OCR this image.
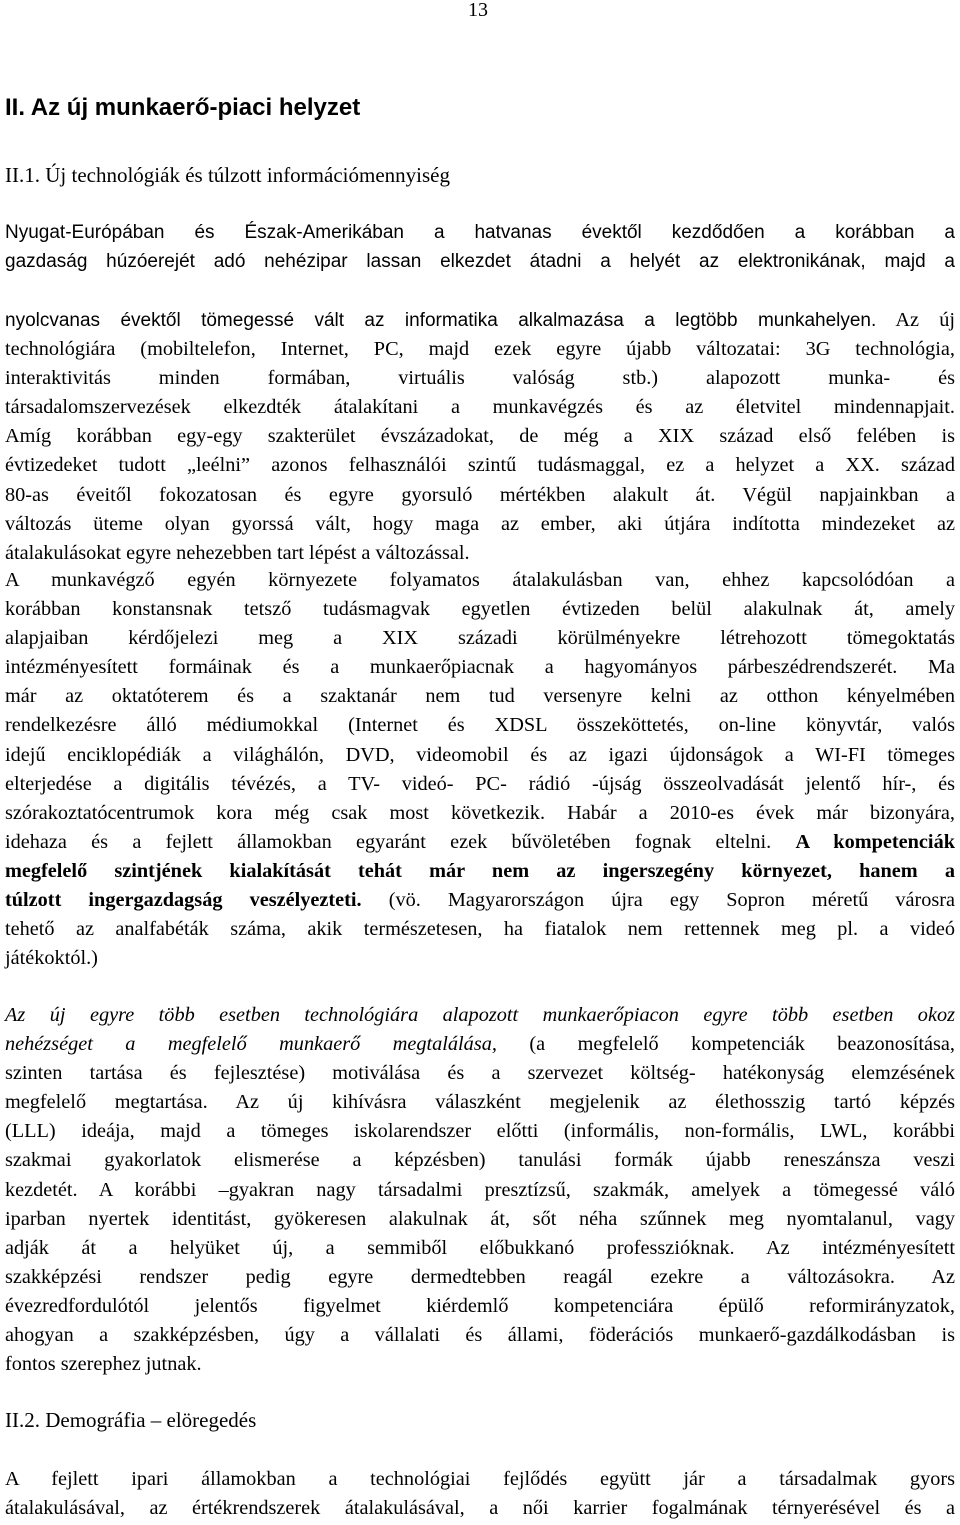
13
II. Az új munkaerő-piaci helyzet
II.1. Új technológiák és túlzott információmennyiség
Nyugat-Európában és Észak-Amerikában a hatvanas évektől kezdődően a korábban a
gazdaság húzóerejét adó nehézipar lassan elkezdet átadni a helyét az elektronikának, majd a
nyolcvanas évektől tömegessé vált az informatika alkalmazása a legtöbb munkahelyen. Az új
technológiára (mobiltelefon, Internet, PC, majd ezek egyre újabb változatai: 3G technológia,
interaktivitás minden formában, virtuális valóság stb.) alapozott munka- és
társadalomszervezések elkezdték átalakítani a munkavégzés és az életvitel mindennapjait.
Amíg korábban egy-egy szakterület évszázadokat, de még a XIX század első felében is
évtizedeket tudott „leélni” azonos felhasználói szintű tudásmaggal, ez a helyzet a XX. század
80-as éveitől fokozatosan és egyre gyorsuló mértékben alakult át. Végül napjainkban a
változás üteme olyan gyorssá vált, hogy maga az ember, aki útjára indította mindezeket az
átalakulásokat egyre nehezebben tart lépést a változással.
A munkavégző egyén környezete folyamatos átalakulásban van, ehhez kapcsolódóan a
korábban konstansnak tetsző tudásmagvak egyetlen évtizeden belül alakulnak át, amely
alapjaiban kérdőjelezi meg a XIX századi körülményekre létrehozott tömegoktatás
intézményesített formáinak és a munkaerőpiacnak a hagyományos párbeszédrendszerét. Ma
már az oktatóterem és a szaktanár nem tud versenyre kelni az otthon kényelmében
rendelkezésre álló médiumokkal (Internet és XDSL összeköttetés, on-line könyvtár, valós
idejű enciklopédiák a világhálón, DVD, videomobil és az igazi újdonságok a WI-FI tömeges
elterjedése a digitális tévézés, a TV- videó- PC- rádió -újság összeolvadását jelentő hír-, és
szórakoztatócentrumok kora még csak most következik. Habár a 2010-es évek már bizonyára,
idehaza és a fejlett államokban egyaránt ezek bűvöletében fognak eltelni. A kompetenciák
megfelelő szintjének kialakítását tehát már nem az ingerszegény környezet, hanem a
túlzott ingergazdagság veszélyezteti. (vö. Magyarországon újra egy Sopron méretű városra
tehető az analfabéták száma, akik természetesen, ha fiatalok nem rettennek meg pl. a videó
játékoktól.)
Az új egyre több esetben technológiára alapozott munkaerőpiacon egyre több esetben okoz
nehézséget a megfelelő munkaerő megtalálása, (a megfelelő kompetenciák beazonosítása,
szinten tartása és fejlesztése) motiválása és a szervezet költség- hatékonyság elemzésének
megfelelő megtartása. Az új kihívásra válaszként megjelenik az élethosszig tartó képzés
(LLL) ideája, majd a tömeges iskolarendszer előtti (informális, non-formális, LWL, korábbi
szakmai gyakorlatok elismerése a képzésben) tanulási formák újabb reneszánsza veszi
kezdetét. A korábbi –gyakran nagy társadalmi presztízsű, szakmák, amelyek a tömegessé váló
iparban nyertek identitást, gyökeresen alakulnak át, sőt néha szűnnek meg nyomtalanul, vagy
adják át a helyüket új, a semmiből előbukkanó professzióknak. Az intézményesített
szakképzési rendszer pedig egyre dermedtebben reagál ezekre a változásokra. Az
évezredfordulótól jelentős figyelmet kiérdemlő kompetenciára épülő reformirányzatok,
ahogyan a szakképzésben, úgy a vállalati és állami, föderációs munkaerő-gazdálkodásban is
fontos szerephez jutnak.
II.2. Demográfia – elöregedés
A fejlett ipari államokban a technológiai fejlődés együtt jár a társadalmak gyors
átalakulásával, az értékrendszerek átalakulásával, a női karrier fogalmának térnyerésével és a
